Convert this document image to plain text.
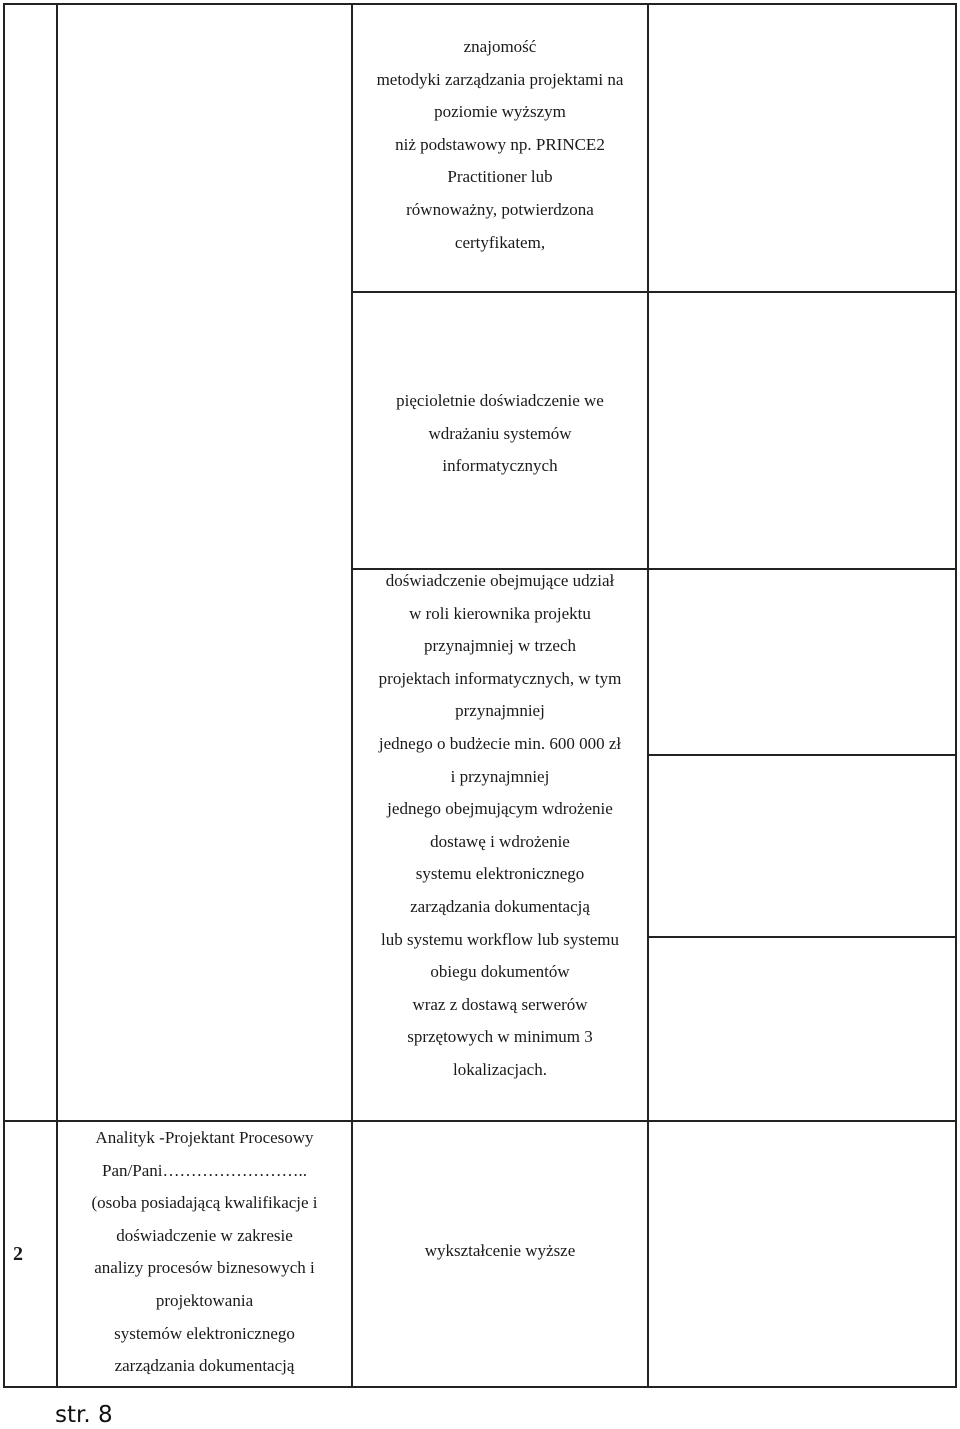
znajomość
metodyki zarządzania projektami na
poziomie wyższym
niż podstawowy np. PRINCE2
Practitioner lub
równoważny, potwierdzona
certyfikatem,
pięcioletnie doświadczenie we
wdrażaniu systemów
informatycznych
doświadczenie obejmujące udział
w roli kierownika projektu
przynajmniej w trzech
projektach informatycznych, w tym
przynajmniej
jednego o budżecie min. 600 000 zł
i przynajmniej
jednego obejmującym wdrożenie
dostawę i wdrożenie
systemu elektronicznego
zarządzania dokumentacją
lub systemu workflow lub systemu
obiegu dokumentów
wraz z dostawą serwerów
sprzętowych w minimum 3
lokalizacjach.
2
Analityk -Projektant Procesowy
Pan/Pani……………………..
(osoba posiadającą kwalifikacje i
doświadczenie w zakresie
analizy procesów biznesowych i
projektowania
systemów elektronicznego
zarządzania dokumentacją
wykształcenie wyższe
str. 8
